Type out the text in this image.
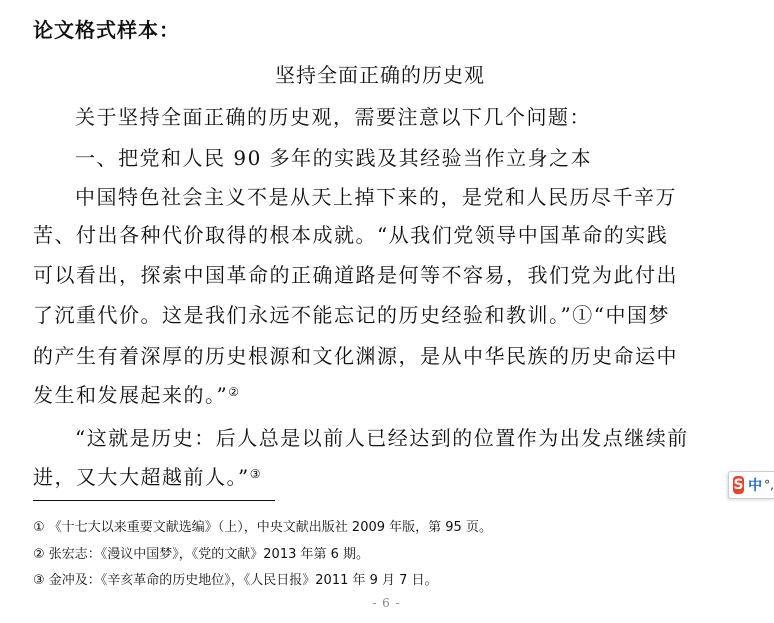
论文格式样本：
坚持全面正确的历史观
关于坚持全面正确的历史观，需要注意以下几个问题：
一、把党和人民 90 多年的实践及其经验当作立身之本
中国特色社会主义不是从天上掉下来的，是党和人民历尽千辛万
苦、付出各种代价取得的根本成就。“从我们党领导中国革命的实践
可以看出，探索中国革命的正确道路是何等不容易，我们党为此付出
了沉重代价。这是我们永远不能忘记的历史经验和教训。”①“中国梦
的产生有着深厚的历史根源和文化渊源，是从中华民族的历史命运中
发生和发展起来的。”②
“这就是历史：后人总是以前人已经达到的位置作为出发点继续前
进，又大大超越前人。”③
① 《十七大以来重要文献选编》（上），中央文献出版社 2009 年版，第 95 页。
② 张宏志：《漫议中国梦》，《党的文献》2013 年第 6 期。
③ 金冲及：《辛亥革命的历史地位》，《人民日报》2011 年 9 月 7 日。
- 6 -
S 中 °,
